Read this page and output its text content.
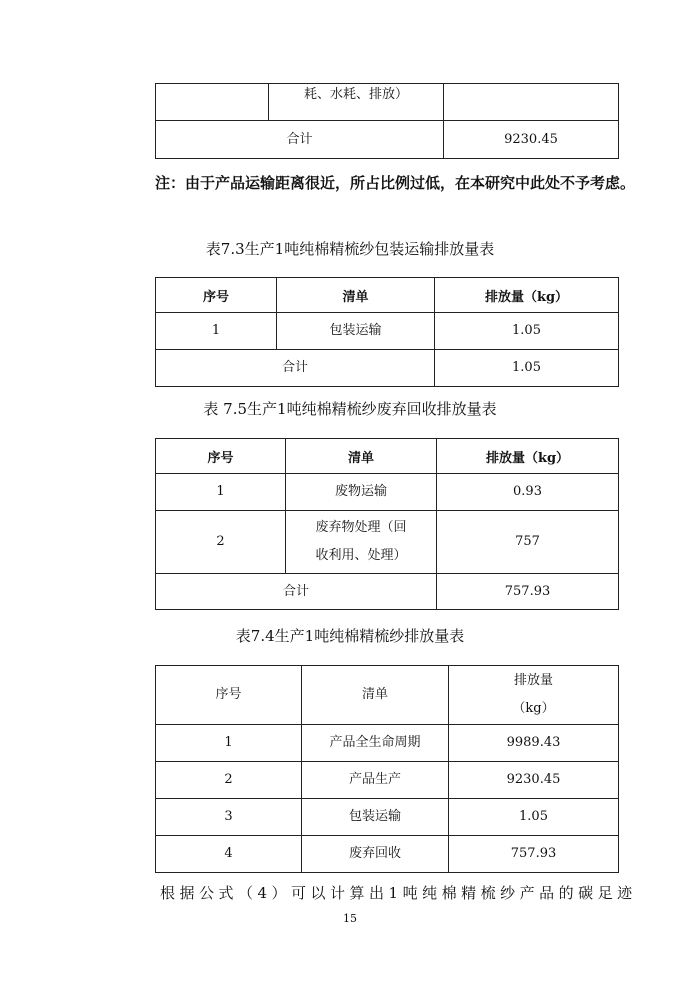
	耗、水耗、排放）	
合计		9230.45
注：由于产品运输距离很近，所占比例过低，在本研究中此处不予考虑。
表7.3生产1吨纯棉精梳纱包装运输排放量表
序号	清单	排放量（kg）
1	包装运输	1.05
合计		1.05
表 7.5生产1吨纯棉精梳纱废弃回收排放量表
序号	清单	排放量（kg）
1	废物运输	0.93
2	废弃物处理（回
收利用、处理）	757
合计		757.93
表7.4生产1吨纯棉精梳纱排放量表
序号	清单	排放量
（kg）

1	产品全生命周期	9989.43
2	产品生产	9230.45
3	包装运输	1.05
4	废弃回收	757.93
根据公式（4）可以计算出1吨纯棉精梳纱产品的碳足迹
15
